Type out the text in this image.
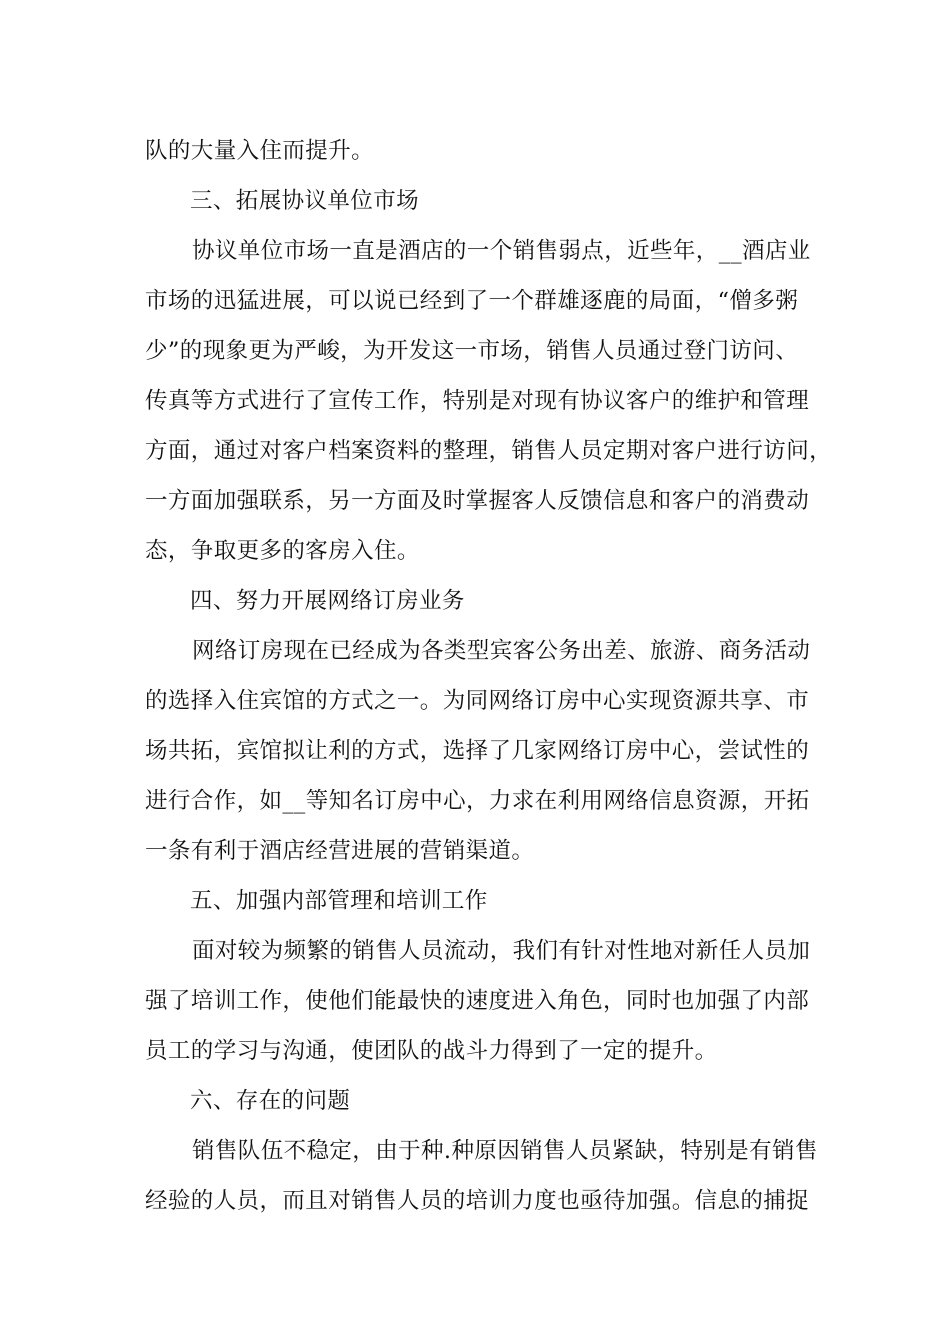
队的大量入住而提升。
三、拓展协议单位市场
协议单位市场一直是酒店的一个销售弱点，近些年，__酒店业
市场的迅猛进展，可以说已经到了一个群雄逐鹿的局面，“僧多粥
少”的现象更为严峻，为开发这一市场，销售人员通过登门访问、
传真等方式进行了宣传工作，特别是对现有协议客户的维护和管理
方面，通过对客户档案资料的整理，销售人员定期对客户进行访问，
一方面加强联系，另一方面及时掌握客人反馈信息和客户的消费动
态，争取更多的客房入住。
四、努力开展网络订房业务
网络订房现在已经成为各类型宾客公务出差、旅游、商务活动
的选择入住宾馆的方式之一。为同网络订房中心实现资源共享、市
场共拓，宾馆拟让利的方式，选择了几家网络订房中心，尝试性的
进行合作，如__等知名订房中心，力求在利用网络信息资源，开拓
一条有利于酒店经营进展的营销渠道。
五、加强内部管理和培训工作
面对较为频繁的销售人员流动，我们有针对性地对新任人员加
强了培训工作，使他们能最快的速度进入角色，同时也加强了内部
员工的学习与沟通，使团队的战斗力得到了一定的提升。
六、存在的问题
销售队伍不稳定，由于种.种原因销售人员紧缺，特别是有销售
经验的人员，而且对销售人员的培训力度也亟待加强。信息的捕捉
